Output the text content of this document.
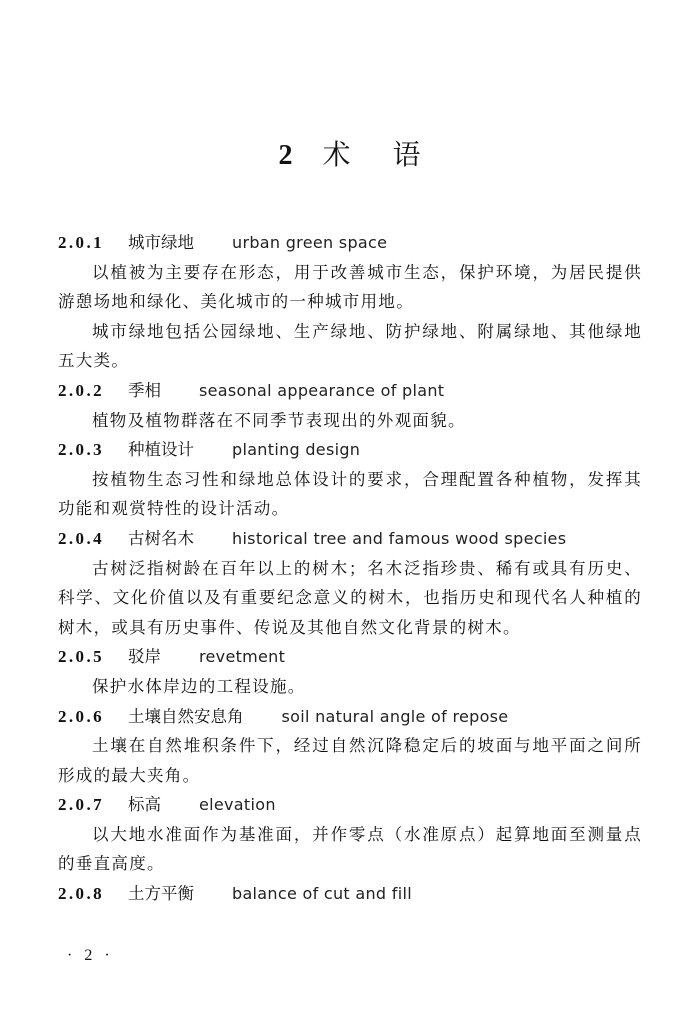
2 术 语
2.0.1	城市绿地 urban green space
以植被为主要存在形态，用于改善城市生态，保护环境，为居民提供游憩场地和绿化、美化城市的一种城市用地。
城市绿地包括公园绿地、生产绿地、防护绿地、附属绿地、其他绿地五大类。
2.0.2	季相 seasonal appearance of plant
植物及植物群落在不同季节表现出的外观面貌。
2.0.3	种植设计 planting design
按植物生态习性和绿地总体设计的要求，合理配置各种植物，发挥其功能和观赏特性的设计活动。
2.0.4	古树名木 historical tree and famous wood species
古树泛指树龄在百年以上的树木；名木泛指珍贵、稀有或具有历史、科学、文化价值以及有重要纪念意义的树木，也指历史和现代名人种植的树木，或具有历史事件、传说及其他自然文化背景的树木。
2.0.5	驳岸 revetment
保护水体岸边的工程设施。
2.0.6	土壤自然安息角 soil natural angle of repose
土壤在自然堆积条件下，经过自然沉降稳定后的坡面与地平面之间所形成的最大夹角。
2.0.7	标高 elevation
以大地水准面作为基准面，并作零点（水准原点）起算地面至测量点的垂直高度。
2.0.8	土方平衡 balance of cut and fill
· 2 ·
